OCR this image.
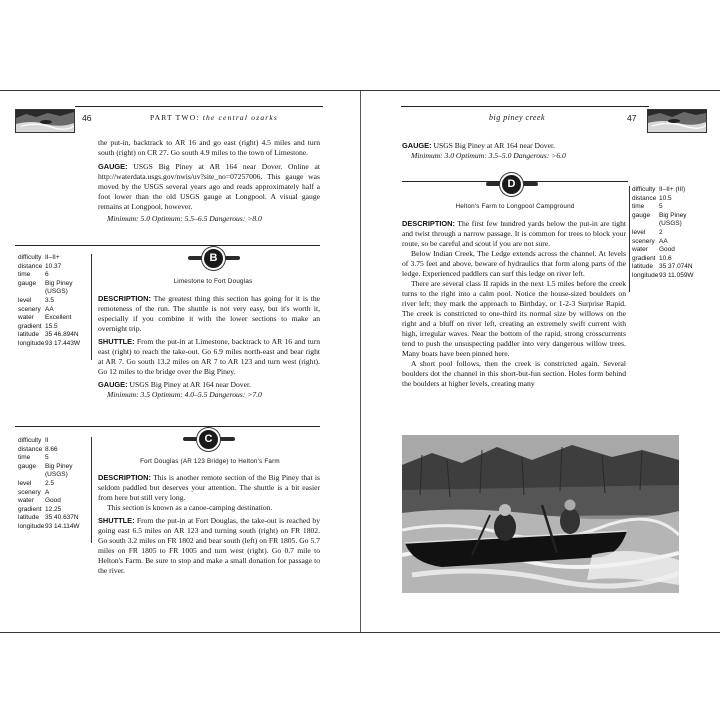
46	PART TWO: the central ozarks

the put-in, backtrack to AR 16 and go east (right) 4.5 miles and turn south (right) on CR 27. Go south 4.9 miles to the town of Limestone.

GAUGE: USGS Big Piney at AR 164 near Dover. Online at http://waterdata.usgs.gov/nwis/uv?site_no=07257006. This gauge was moved by the USGS several years ago and reads approximately half a foot lower than the old USGS gauge at Longpool. A visual gauge remains at Longpool, however.

Minimum: 5.0 Optimum: 5.5–6.5 Dangerous: >8.0

B
Limestone to Fort Douglas
difficulty II–II+
distance 10.37
time	6
gauge	Big Piney
(USGS)
level	3.5
scenery AA
water	Excellent
gradient 15.5
latitude 35 46.894N
longitude 93 17.443W

DESCRIPTION: The greatest thing this section has going for it is the remoteness of the run. The shuttle is not very easy, but it's worth it, especially if you combine it with the lower sections to make an overnight trip.

SHUTTLE: From the put-in at Limestone, backtrack to AR 16 and turn east (right) to reach the take-out. Go 6.9 miles north-east and bear right at AR 7. Go south 13.2 miles on AR 7 to AR 123 and turn west (right). Go 12 miles to the bridge over the Big Piney.

GAUGE: USGS Big Piney at AR 164 near Dover.

Minimum: 3.5 Optimum: 4.0–5.5 Dangerous: >7.0

C
Fort Douglas (AR 123 Bridge) to Helton's Farm
difficulty II
distance 8.66
time	5
gauge	Big Piney
(USGS)
level	2.5
scenery A
water	Good
gradient 12.25
latitude 35 40.637N
longitude 93 14.114W

DESCRIPTION: This is another remote section of the Big Piney that is seldom paddled but deserves your attention. The shuttle is a bit easier from here but still very long.

This section is known as a canoe-camping destination.

SHUTTLE: From the put-in at Fort Douglas, the take-out is reached by going east 6.5 miles on AR 123 and turning south (right) on FR 1802. Go south 3.2 miles on FR 1802 and bear south (left) on FR 1805. Go 5.7 miles on FR 1805 to FR 1005 and turn west (right). Go 0.7 mile to Helton's Farm. Be sure to stop and make a small donation for passage to the river.

big piney creek	47

GAUGE: USGS Big Piney at AR 164 near Dover.

Minimum: 3.0 Optimum: 3.5–5.0 Dangerous: >6.0

D
Helton's Farm to Longpool Campground
difficulty II–II+ (III)
distance 10.5
time	5
gauge	Big Piney
(USGS)
level	2
scenery AA
water	Good
gradient 10.6
latitude 35 37.074N
longitude 93 11.059W

DESCRIPTION: The first few hundred yards below the put-in are tight and twist through a narrow passage. It is common for trees to block your route, so be careful and scout if you are not sure.

Below Indian Creek, The Ledge extends across the channel. At levels of 3.75 feet and above, beware of hydraulics that form along parts of the ledge. Experienced paddlers can surf this ledge on river left.

There are several class II rapids in the next 1.5 miles before the creek turns to the right into a calm pool. Notice the house-sized boulders on river left; they mark the approach to Birthday, or 1-2-3 Surprise Rapid. The creek is constricted to one-third its normal size by willows on the right and a bluff on river left, creating an extremely swift current with high, irregular waves. Near the bottom of the rapid, strong crosscurrents tend to push the unsuspecting paddler into very dangerous willow trees. Many boats have been pinned here.

A short pool follows, then the creek is constricted again. Several boulders dot the channel in this short-but-fun section. Holes form behind the boulders at higher levels, creating many
